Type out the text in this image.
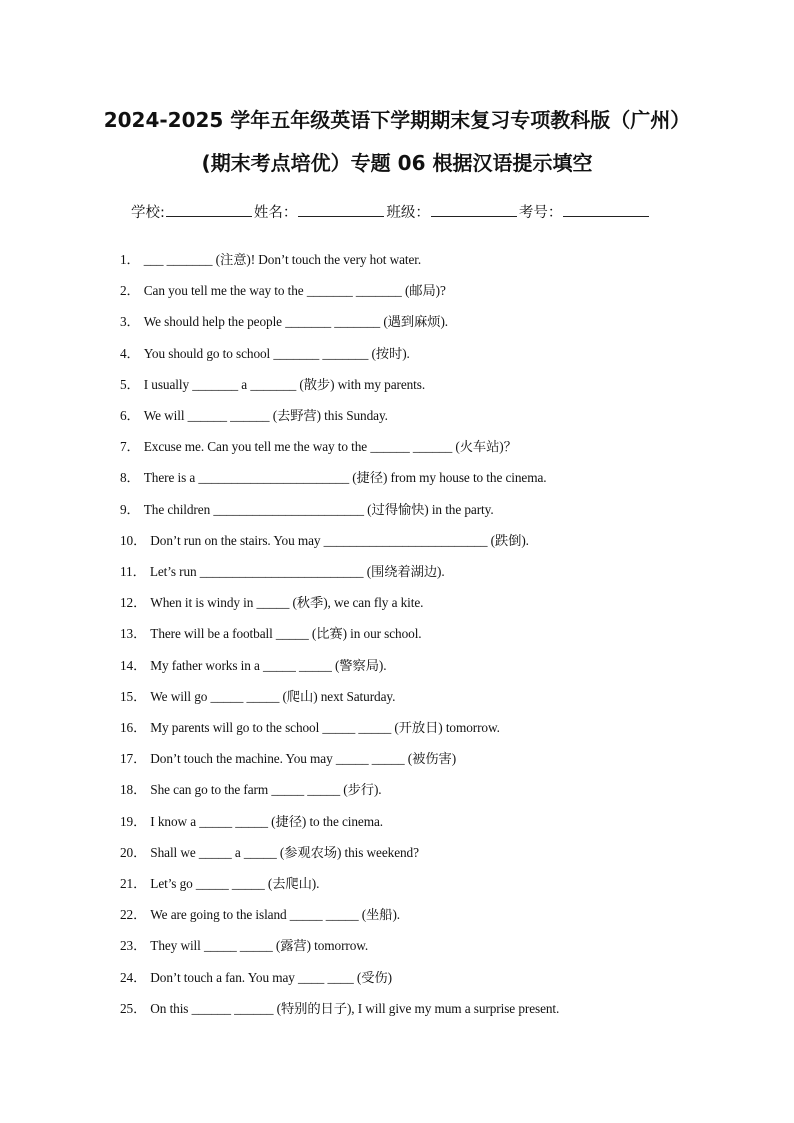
2024-2025 学年五年级英语下学期期末复习专项教科版（广州）
(期末考点培优）专题 06 根据汉语提示填空
学校:	姓名：	班级：	考号：
1． ___ _______ (注意)! Don’t touch the very hot water.
2． Can you tell me the way to the _______ _______ (邮局)?
3． We should help the people _______ _______ (遇到麻烦).
4． You should go to school _______ _______ (按时).
5． I usually _______ a _______ (散步) with my parents.
6． We will ______ ______ (去野营) this Sunday.
7． Excuse me. Can you tell me the way to the ______ ______ (火车站)？
8． There is a _______________________ (捷径) from my house to the cinema.
9． The children _______________________ (过得愉快) in the party.
10． Don’t run on the stairs. You may _________________________ (跌倒).
11． Let’s run _________________________ (围绕着湖边).
12． When it is windy in _____ (秋季), we can fly a kite.
13． There will be a football _____ (比赛) in our school.
14． My father works in a _____ _____ (警察局).
15． We will go _____ _____ (爬山) next Saturday.
16． My parents will go to the school _____ _____ (开放日) tomorrow.
17． Don’t touch the machine. You may _____ _____ (被伤害)
18． She can go to the farm _____ _____ (步行).
19． I know a _____ _____ (捷径) to the cinema.
20． Shall we _____ a _____ (参观农场) this weekend?
21． Let’s go _____ _____ (去爬山).
22． We are going to the island _____ _____ (坐船).
23． They will _____ _____ (露营) tomorrow.
24． Don’t touch a fan. You may ____ ____ (受伤)
25． On this ______ ______ (特别的日子), I will give my mum a surprise present.
